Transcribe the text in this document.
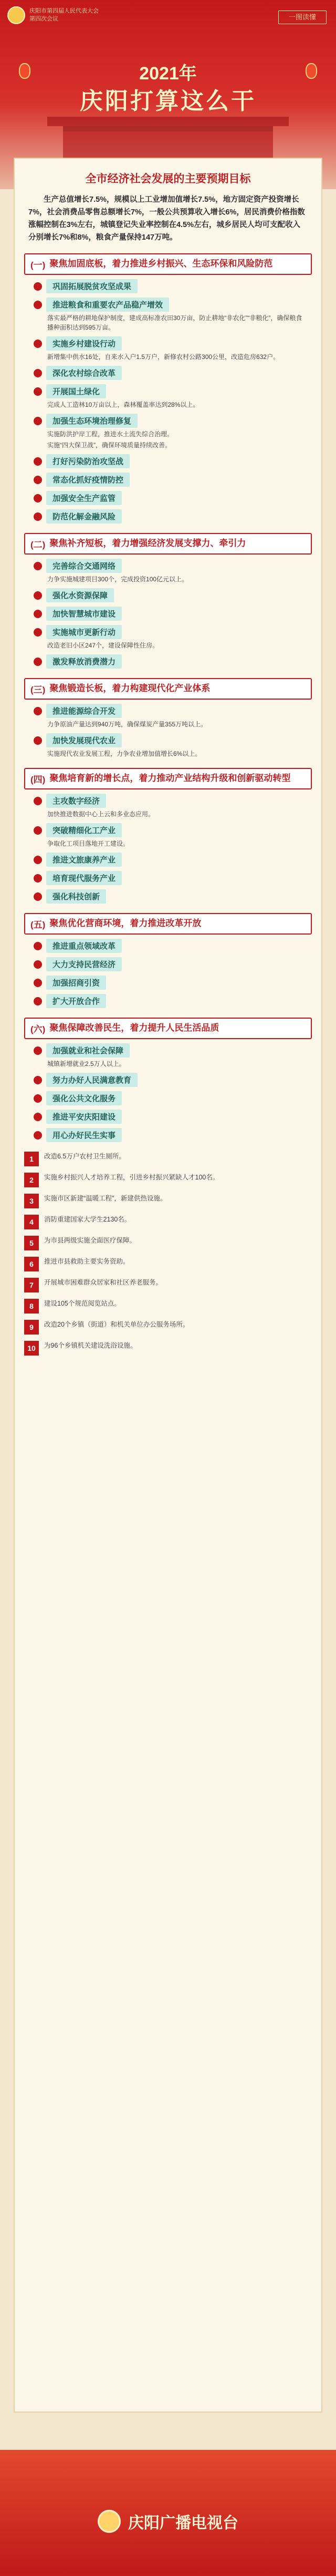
庆阳市第四届人民代表大会
第四次会议	一图读懂
2021年
庆阳打算这么干
全市经济社会发展的主要预期目标
生产总值增长7.5%，规模以上工业增加值增长7.5%，地方固定资产投资增长7%，社会消费品零售总额增长7%，一般公共预算收入增长6%，居民消费价格指数涨幅控制在3%左右，城镇登记失业率控制在4.5%左右，城乡居民人均可支配收入分别增长7%和8%，粮食产量保持147万吨。
(一) 聚焦加固底板，着力推进乡村振兴、生态环保和风险防范
巩固拓展脱贫攻坚成果
推进粮食和重要农产品稳产增效
落实最严格的耕地保护制度，建成高标准农田30万亩，防止耕地“非农化”“非粮化”，确保粮食播种面积达到595万亩。
实施乡村建设行动
新增集中供水16处，自来水入户1.5万户，新修农村公路300公里，改造危房632户。
深化农村综合改革
开展国土绿化
完成人工造林10万亩以上，森林覆盖率达到28%以上。
加强生态环境治理修复
实施防洪护岸工程，推进水土流失综合治理。
实施“四大保卫战”，确保环境质量持续改善。
打好污染防治攻坚战
常态化抓好疫情防控
加强安全生产监管
防范化解金融风险
(二) 聚焦补齐短板，着力增强经济发展支撑力、牵引力
完善综合交通网络
力争实施城建项目300个，完成投资100亿元以上。
强化水资源保障
加快智慧城市建设
实施城市更新行动
改造老旧小区247个，建设保障性住房。
激发释放消费潜力
(三) 聚焦锻造长板，着力构建现代化产业体系
推进能源综合开发
力争原油产量达到940万吨，确保煤炭产量355万吨以上。
加快发展现代农业
实施现代农业发展工程，力争农业增加值增长6%以上。
(四) 聚焦培育新的增长点，着力推动产业结构升级和创新驱动转型
主攻数字经济
加快推进数据中心上云和多业态应用。
突破精细化工产业
争取化工项目落地开工建设。
推进文旅康养产业
培育现代服务产业
强化科技创新
(五) 聚焦优化营商环境，着力推进改革开放
推进重点领域改革
大力支持民营经济
加强招商引资
扩大开放合作
(六) 聚焦保障改善民生，着力提升人民生活品质
加强就业和社会保障
城镇新增就业2.5万人以上。
努力办好人民满意教育
强化公共文化服务
推进平安庆阳建设
用心办好民生实事
1	改造6.5万户农村卫生厕所。
2	实施乡村振兴人才培养工程，引进乡村振兴紧缺人才100名。
3	实施市区新建“温暖工程”，新建供热设施。
4	消防重建国家大学生2130名。
5	为市县两级实施全面医疗保障。
6	推进市县救助主要实务资助。
7	开展城市困难群众居家和社区养老服务。
8	建设105个规范阅览站点。
9	改造20个乡镇（街道）和机关单位办公服务场所。
10	为96个乡镇机关建设洗浴设施。
庆阳广播电视台
